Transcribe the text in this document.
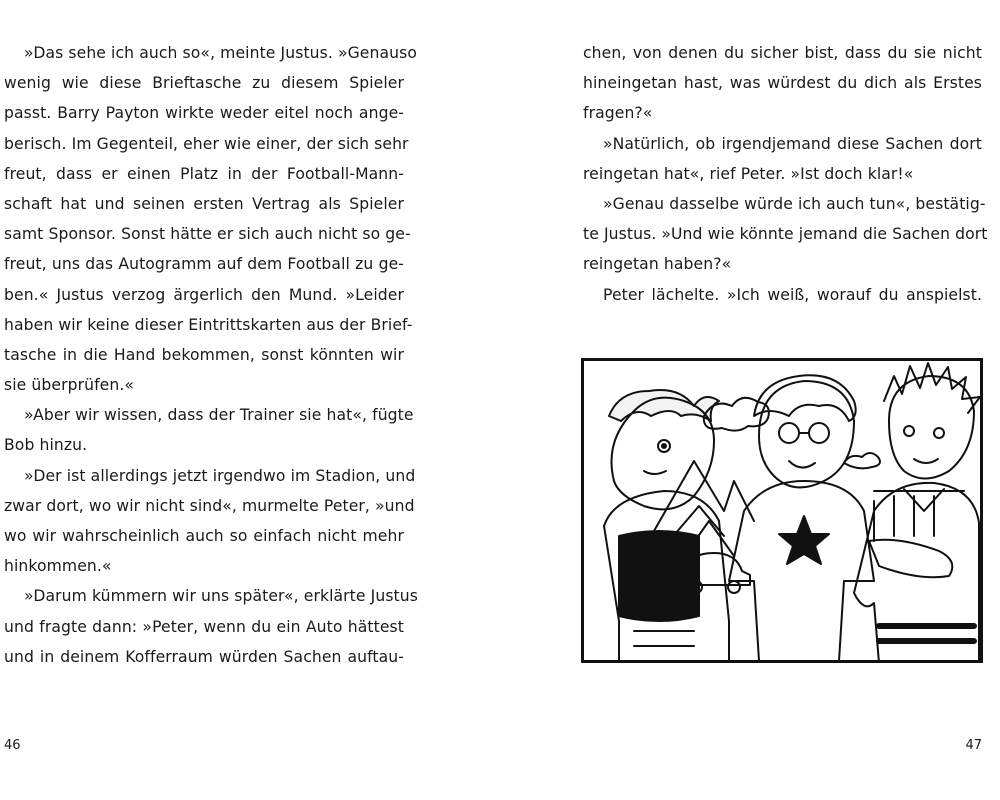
»Das sehe ich auch so«, meinte Justus. »Genauso
wenig wie diese Brieftasche zu diesem Spieler
passt. Barry Payton wirkte weder eitel noch ange-
berisch. Im Gegenteil, eher wie einer, der sich sehr
freut, dass er einen Platz in der Football-Mann-
schaft hat und seinen ersten Vertrag als Spieler
samt Sponsor. Sonst hätte er sich auch nicht so ge-
freut, uns das Autogramm auf dem Football zu ge-
ben.« Justus verzog ärgerlich den Mund. »Leider
haben wir keine dieser Eintrittskarten aus der Brief-
tasche in die Hand bekommen, sonst könnten wir
sie überprüfen.«
»Aber wir wissen, dass der Trainer sie hat«, fügte
Bob hinzu.
»Der ist allerdings jetzt irgendwo im Stadion, und
zwar dort, wo wir nicht sind«, murmelte Peter, »und
wo wir wahrscheinlich auch so einfach nicht mehr
hinkommen.«
»Darum kümmern wir uns später«, erklärte Justus
und fragte dann: »Peter, wenn du ein Auto hättest
und in deinem Kofferraum würden Sachen auftau-
46
chen, von denen du sicher bist, dass du sie nicht
hineingetan hast, was würdest du dich als Erstes
fragen?«
»Natürlich, ob irgendjemand diese Sachen dort
reingetan hat«, rief Peter. »Ist doch klar!«
»Genau dasselbe würde ich auch tun«, bestätig-
te Justus. »Und wie könnte jemand die Sachen dort
reingetan haben?«
Peter lächelte. »Ich weiß, worauf du anspielst.
47
